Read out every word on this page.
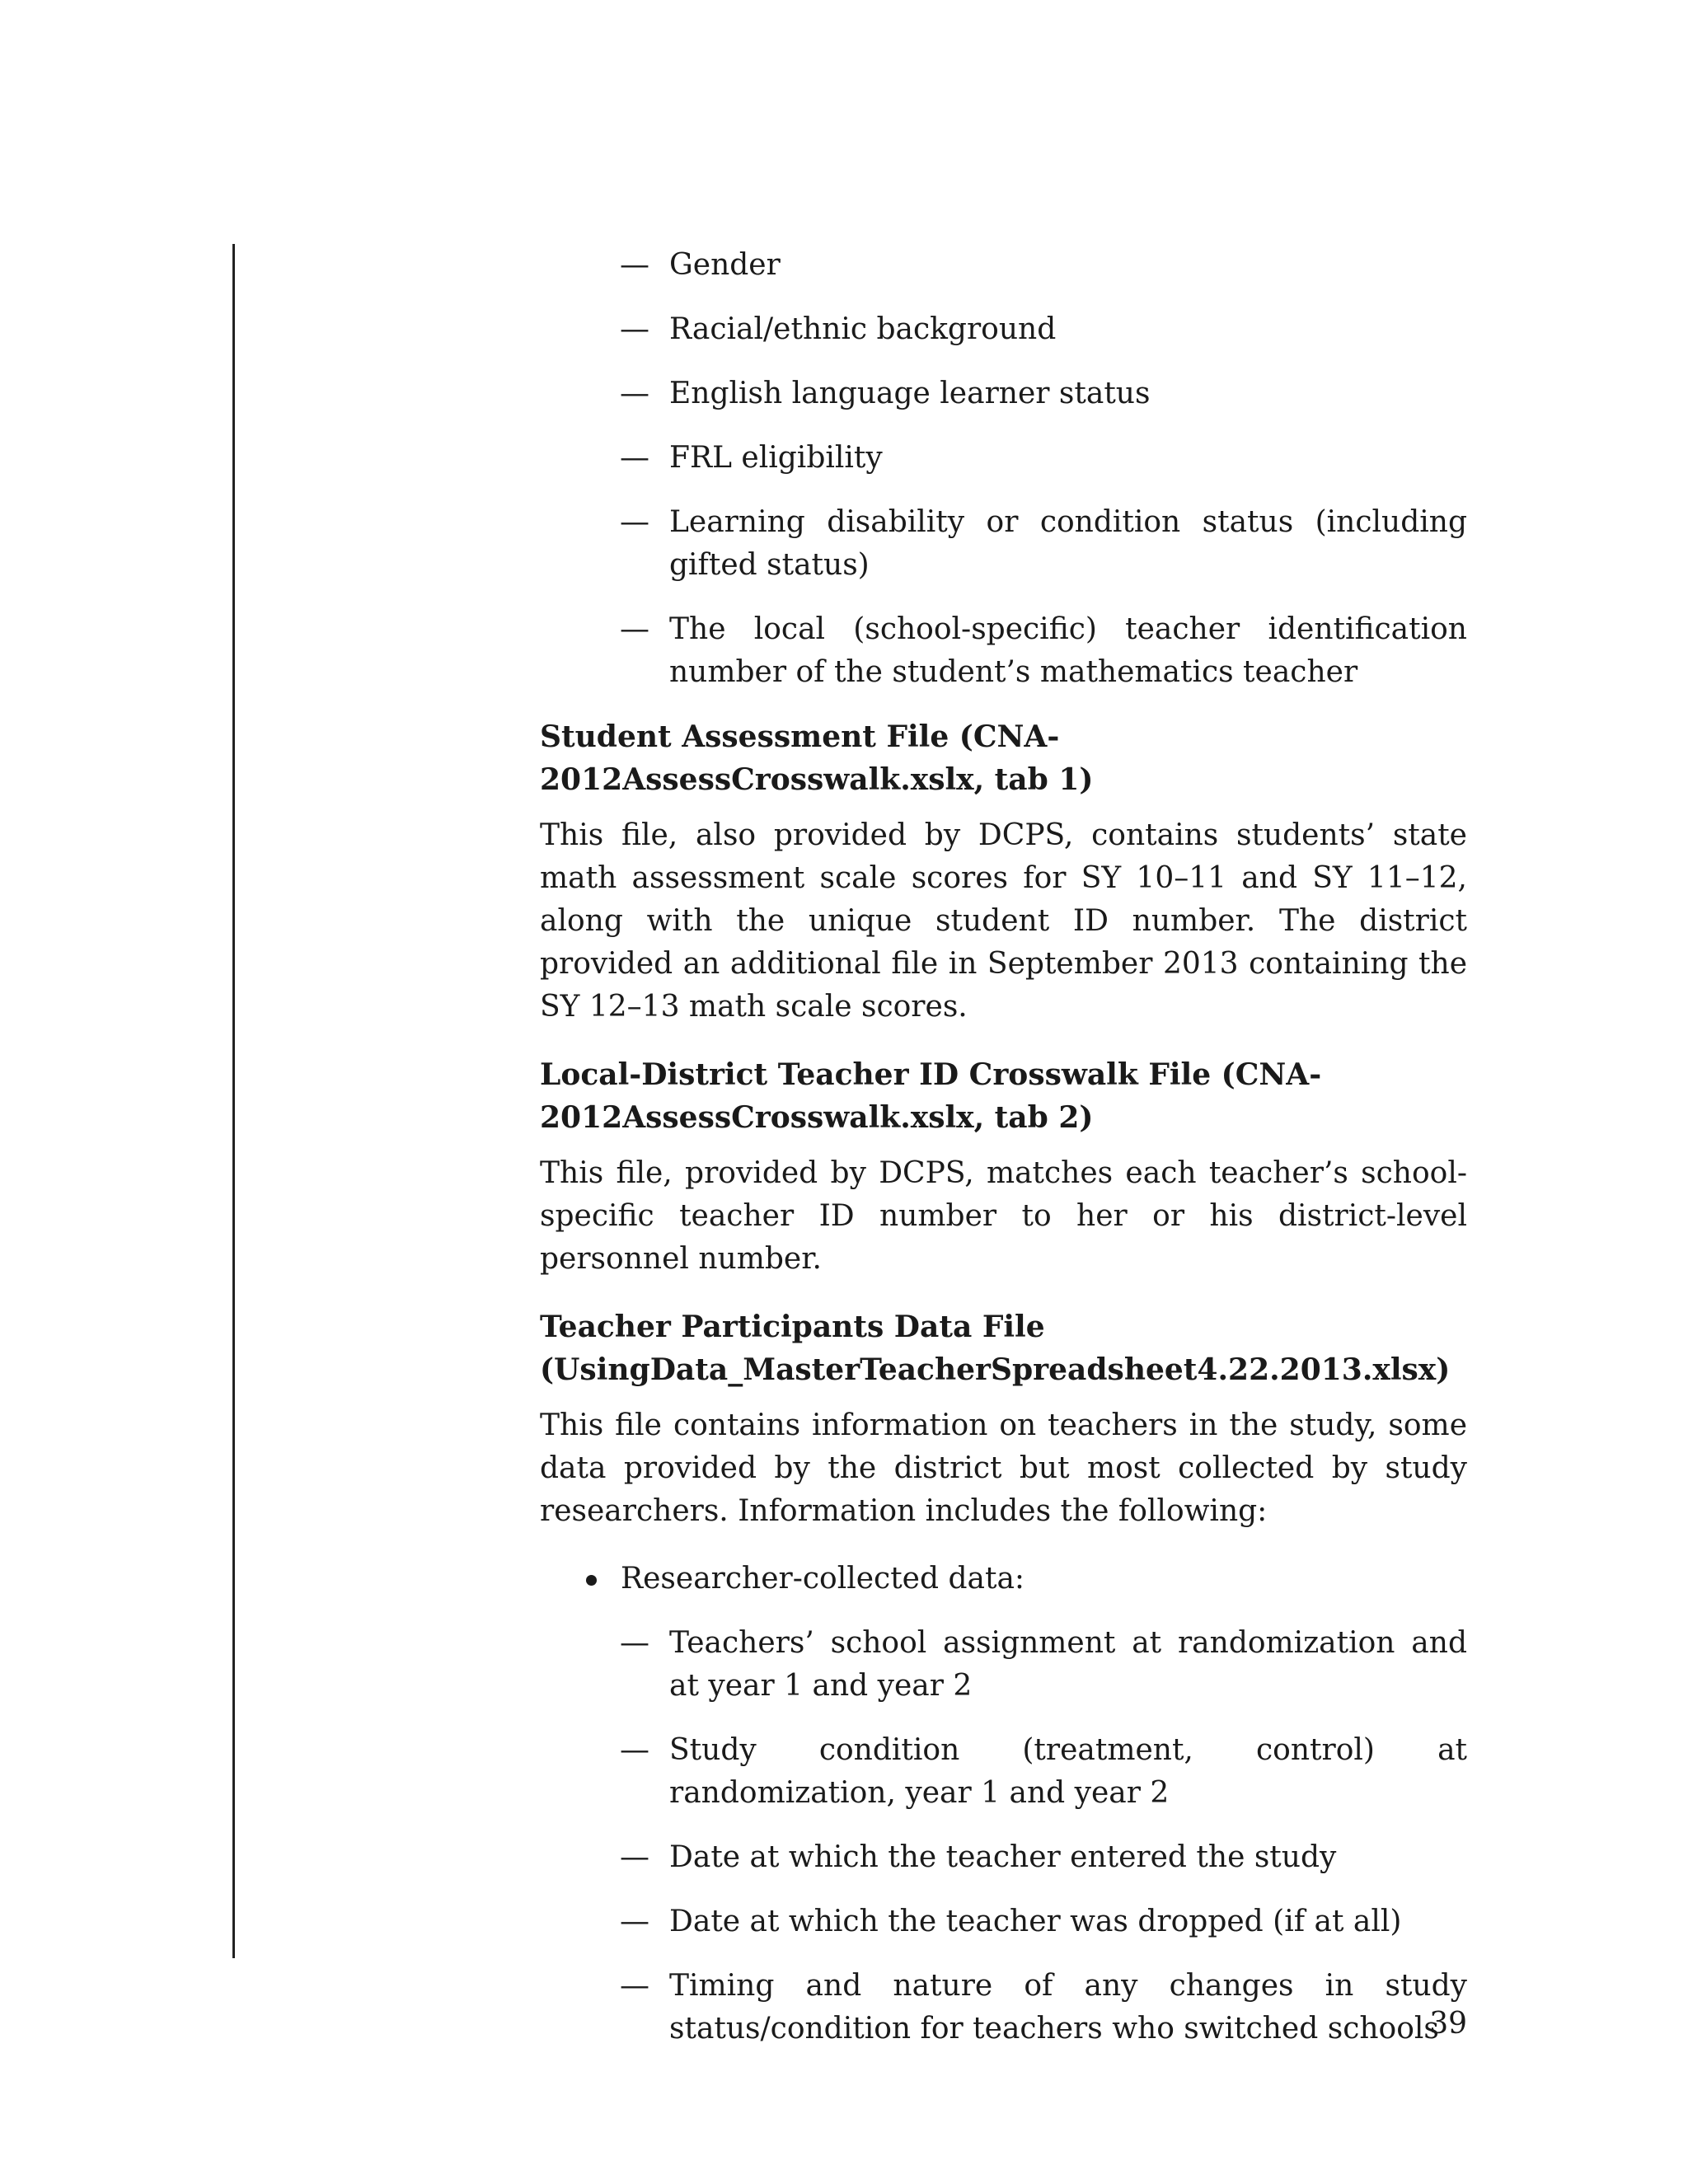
— Gender
— Racial/ethnic background
— English language learner status
— FRL eligibility
— Learning disability or condition status (including gifted status)
— The local (school-specific) teacher identification number of the student’s mathematics teacher
Student Assessment File (CNA-2012AssessCrosswalk.xslx, tab 1)

This file, also provided by DCPS, contains students’ state math assessment scale scores for SY 10–11 and SY 11–12, along with the unique student ID number. The district provided an additional file in September 2013 containing the SY 12–13 math scale scores.

Local-District Teacher ID Crosswalk File (CNA-2012AssessCrosswalk.xslx, tab 2)

This file, provided by DCPS, matches each teacher’s school-specific teacher ID number to her or his district-level personnel number.

Teacher Participants Data File (UsingData_MasterTeacherSpreadsheet4.22.2013.xlsx)

This file contains information on teachers in the study, some data provided by the district but most collected by study researchers. Information includes the following:

Researcher-collected data:
— Teachers’ school assignment at randomization and at year 1 and year 2
— Study condition (treatment, control) at randomization, year 1 and year 2
— Date at which the teacher entered the study
— Date at which the teacher was dropped (if at all)
— Timing and nature of any changes in study status/condition for teachers who switched schools
39
